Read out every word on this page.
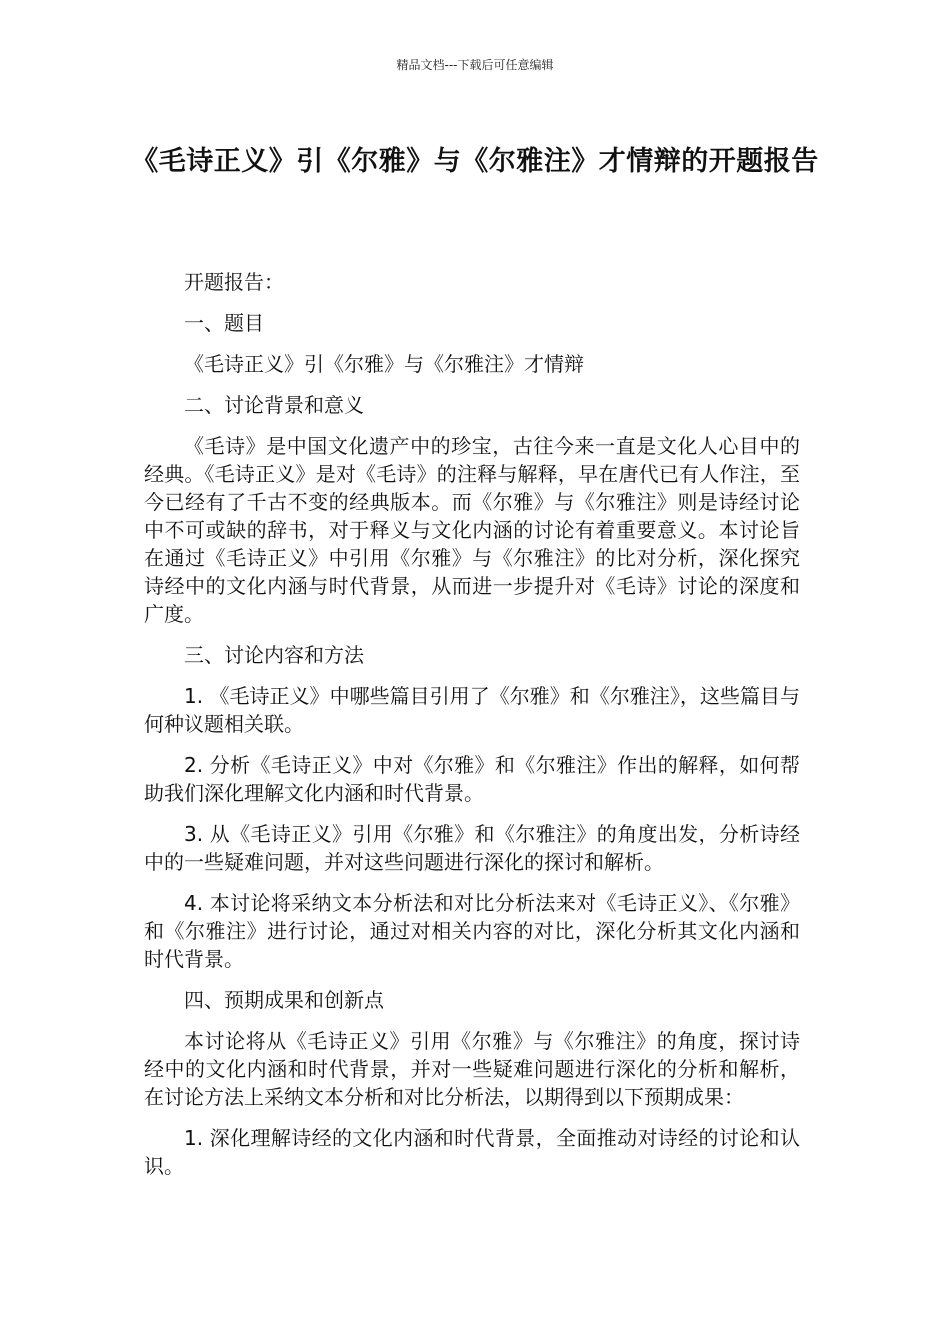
精品文档---下载后可任意编辑
《毛诗正义》引《尔雅》与《尔雅注》才情辩的开题报告

开题报告：

一、题目

《毛诗正义》引《尔雅》与《尔雅注》才情辩

二、讨论背景和意义

《毛诗》是中国文化遗产中的珍宝，古往今来一直是文化人心目中的经典。《毛诗正义》是对《毛诗》的注释与解释，早在唐代已有人作注，至今已经有了千古不变的经典版本。而《尔雅》与《尔雅注》则是诗经讨论中不可或缺的辞书，对于释义与文化内涵的讨论有着重要意义。本讨论旨在通过《毛诗正义》中引用《尔雅》与《尔雅注》的比对分析，深化探究诗经中的文化内涵与时代背景，从而进一步提升对《毛诗》讨论的深度和广度。

三、讨论内容和方法

1. 《毛诗正义》中哪些篇目引用了《尔雅》和《尔雅注》，这些篇目与何种议题相关联。

2. 分析《毛诗正义》中对《尔雅》和《尔雅注》作出的解释，如何帮助我们深化理解文化内涵和时代背景。

3. 从《毛诗正义》引用《尔雅》和《尔雅注》的角度出发，分析诗经中的一些疑难问题，并对这些问题进行深化的探讨和解析。

4. 本讨论将采纳文本分析法和对比分析法来对《毛诗正义》、《尔雅》和《尔雅注》进行讨论，通过对相关内容的对比，深化分析其文化内涵和时代背景。

四、预期成果和创新点

本讨论将从《毛诗正义》引用《尔雅》与《尔雅注》的角度，探讨诗经中的文化内涵和时代背景，并对一些疑难问题进行深化的分析和解析，在讨论方法上采纳文本分析和对比分析法，以期得到以下预期成果：

1. 深化理解诗经的文化内涵和时代背景，全面推动对诗经的讨论和认识。
